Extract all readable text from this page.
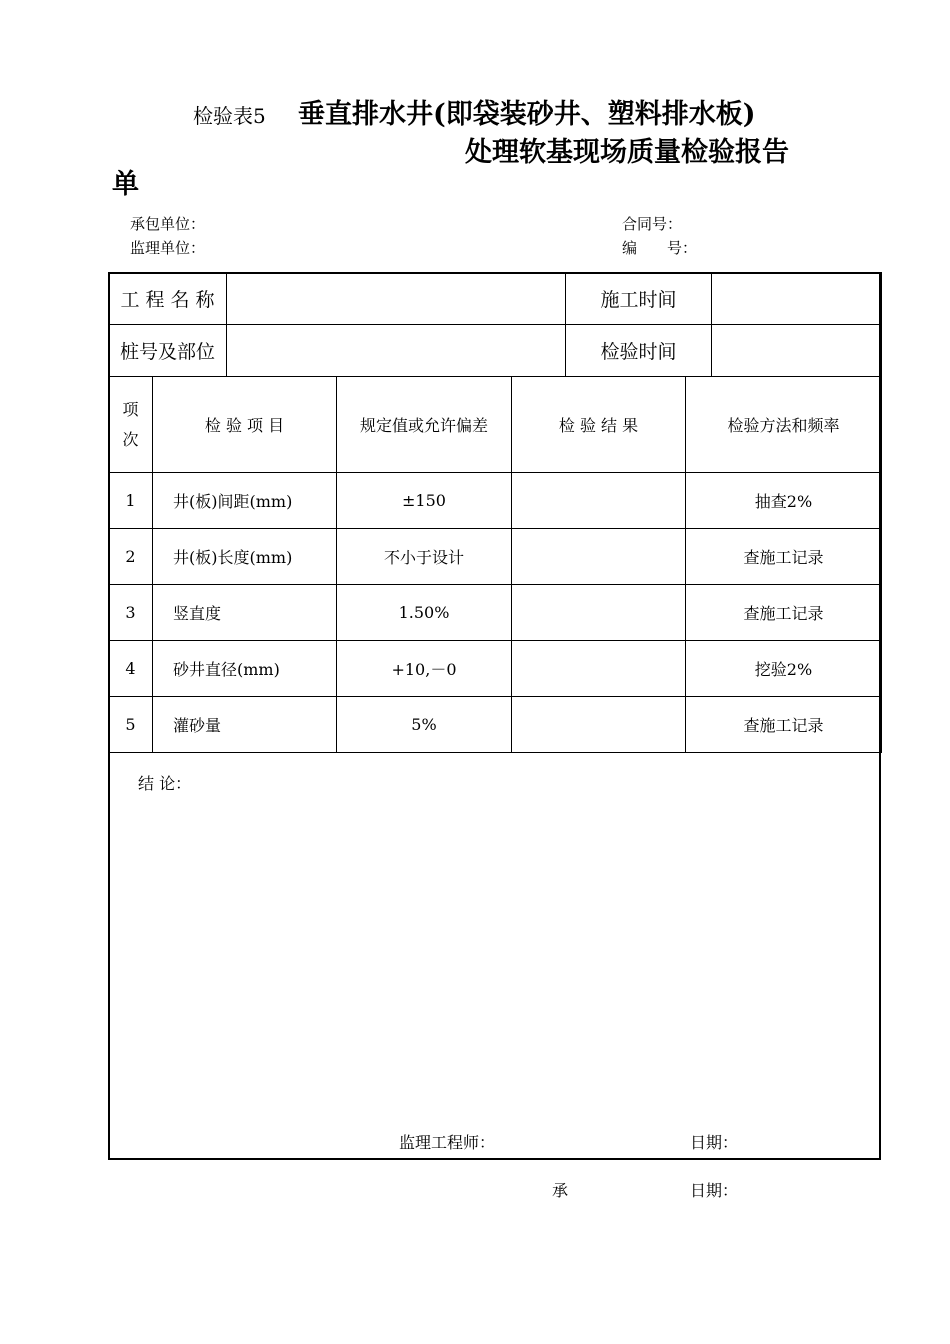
检验表5 垂直排水井(即袋装砂井、塑料排水板)
处理软基现场质量检验报告
单
承包单位：	合同号：
监理单位：	编　　号：
工 程 名 称		施工时间	
桩号及部位		检验时间	
项
次	检 验 项 目	规定值或允许偏差	检 验 结 果	检验方法和频率
1	井(板)间距(mm)	±150		抽查2%
2	井(板)长度(mm)	不小于设计		查施工记录
3	竖直度	1.50%		查施工记录
4	砂井直径(mm)	+10,－0		挖验2%
5	灌砂量	5%		查施工记录
结 论：
监理工程师：	日期：
承	日期：
